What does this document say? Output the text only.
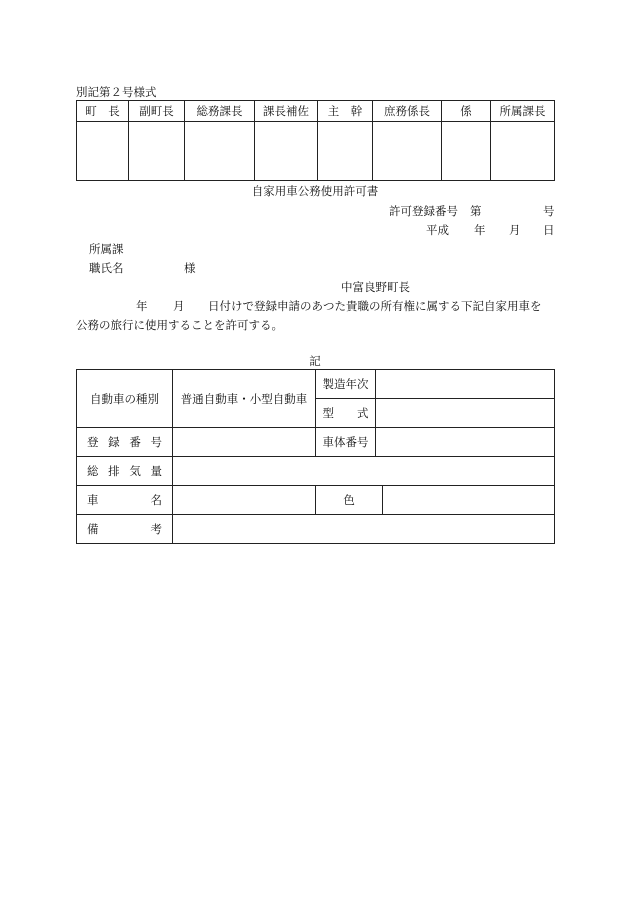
別記第２号様式
町　長	副町長	総務課長	課長補佐	主　幹	庶務係長	係	所属課長

自家用車公務使用許可書
許可登録番号 第	号
平成 年 月 日
所属課
職氏名	様
中富良野町長
年 月 日付けで登録申請のあつた貴職の所有権に属する下記自家用車を
公務の旅行に使用することを許可する。
記
自動車の種別	普通自動車・小型自動車	製造年次		
		型　　式		

登 録 番 号		車体番号		

総 排 気 量				

車 名		色		

備 考				
